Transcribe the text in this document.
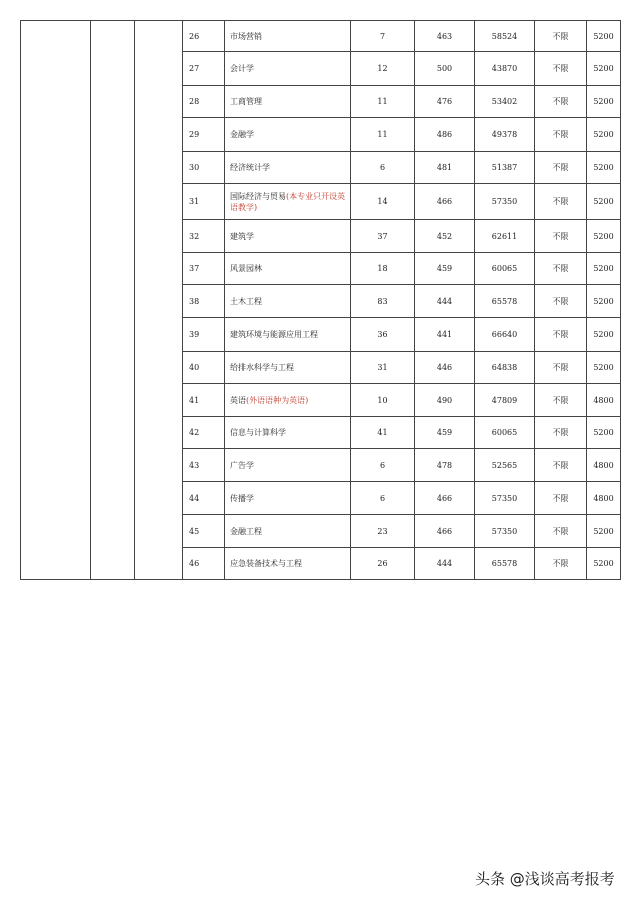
			26	市场营销	7	463	58524	不限	5200
			27	会计学	12	500	43870	不限	5200
			28	工商管理	11	476	53402	不限	5200
			29	金融学	11	486	49378	不限	5200
			30	经济统计学	6	481	51387	不限	5200
			31	国际经济与贸易(本专业只开设英语教学)	14	466	57350	不限	5200
			32	建筑学	37	452	62611	不限	5200
			37	风景园林	18	459	60065	不限	5200
			38	土木工程	83	444	65578	不限	5200
			39	建筑环境与能源应用工程	36	441	66640	不限	5200
			40	给排水科学与工程	31	446	64838	不限	5200
			41	英语(外语语种为英语)	10	490	47809	不限	4800
			42	信息与计算科学	41	459	60065	不限	5200
			43	广告学	6	478	52565	不限	4800
			44	传播学	6	466	57350	不限	4800
			45	金融工程	23	466	57350	不限	5200
			46	应急装备技术与工程	26	444	65578	不限	5200
头条 @浅谈高考报考
